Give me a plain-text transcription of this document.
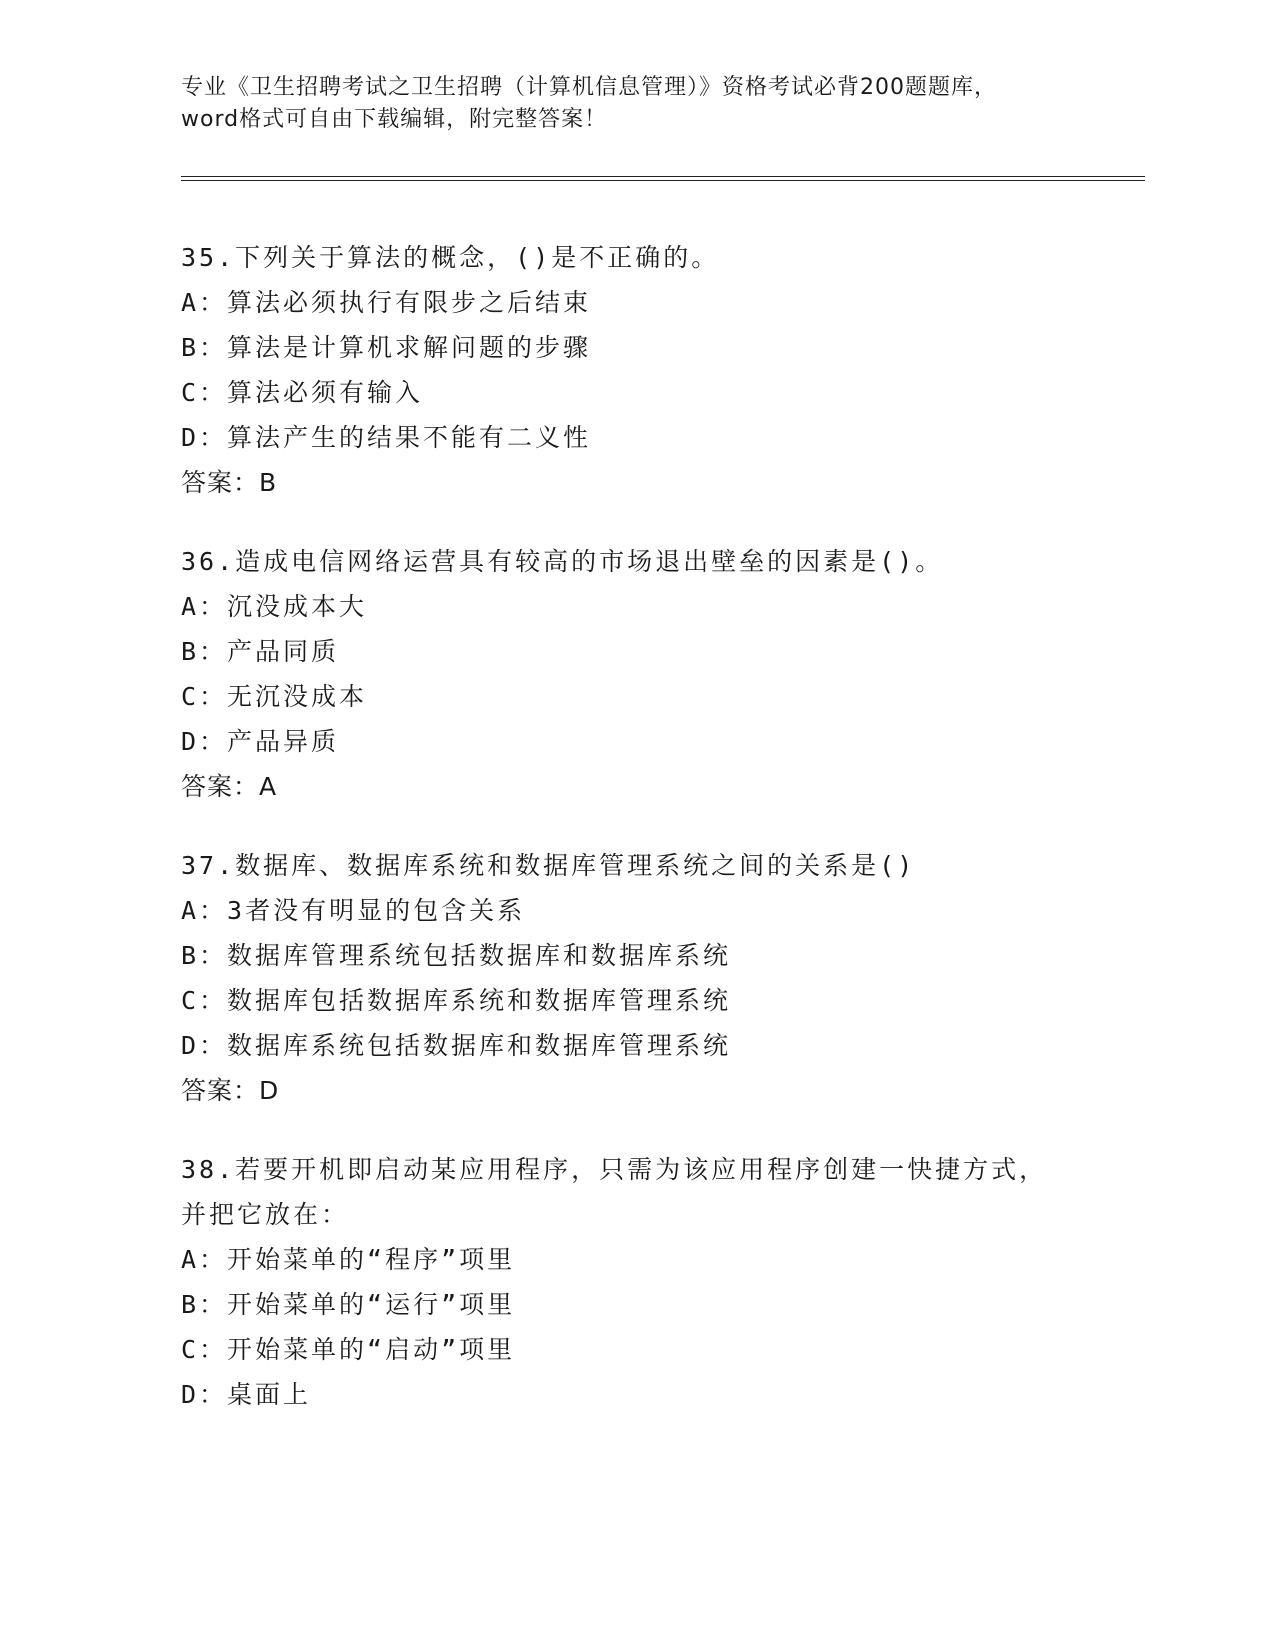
专业《卫生招聘考试之卫生招聘（计算机信息管理）》资格考试必背200题题库，
word格式可自由下载编辑，附完整答案！
35.下列关于算法的概念，()是不正确的。
A：算法必须执行有限步之后结束
B：算法是计算机求解问题的步骤
C：算法必须有输入
D：算法产生的结果不能有二义性
答案：B
36.造成电信网络运营具有较高的市场退出壁垒的因素是()。
A：沉没成本大
B：产品同质
C：无沉没成本
D：产品异质
答案：A
37.数据库、数据库系统和数据库管理系统之间的关系是()
A：3者没有明显的包含关系
B：数据库管理系统包括数据库和数据库系统
C：数据库包括数据库系统和数据库管理系统
D：数据库系统包括数据库和数据库管理系统
答案：D
38.若要开机即启动某应用程序，只需为该应用程序创建一快捷方式，
并把它放在：
A：开始菜单的“程序”项里
B：开始菜单的“运行”项里
C：开始菜单的“启动”项里
D：桌面上
